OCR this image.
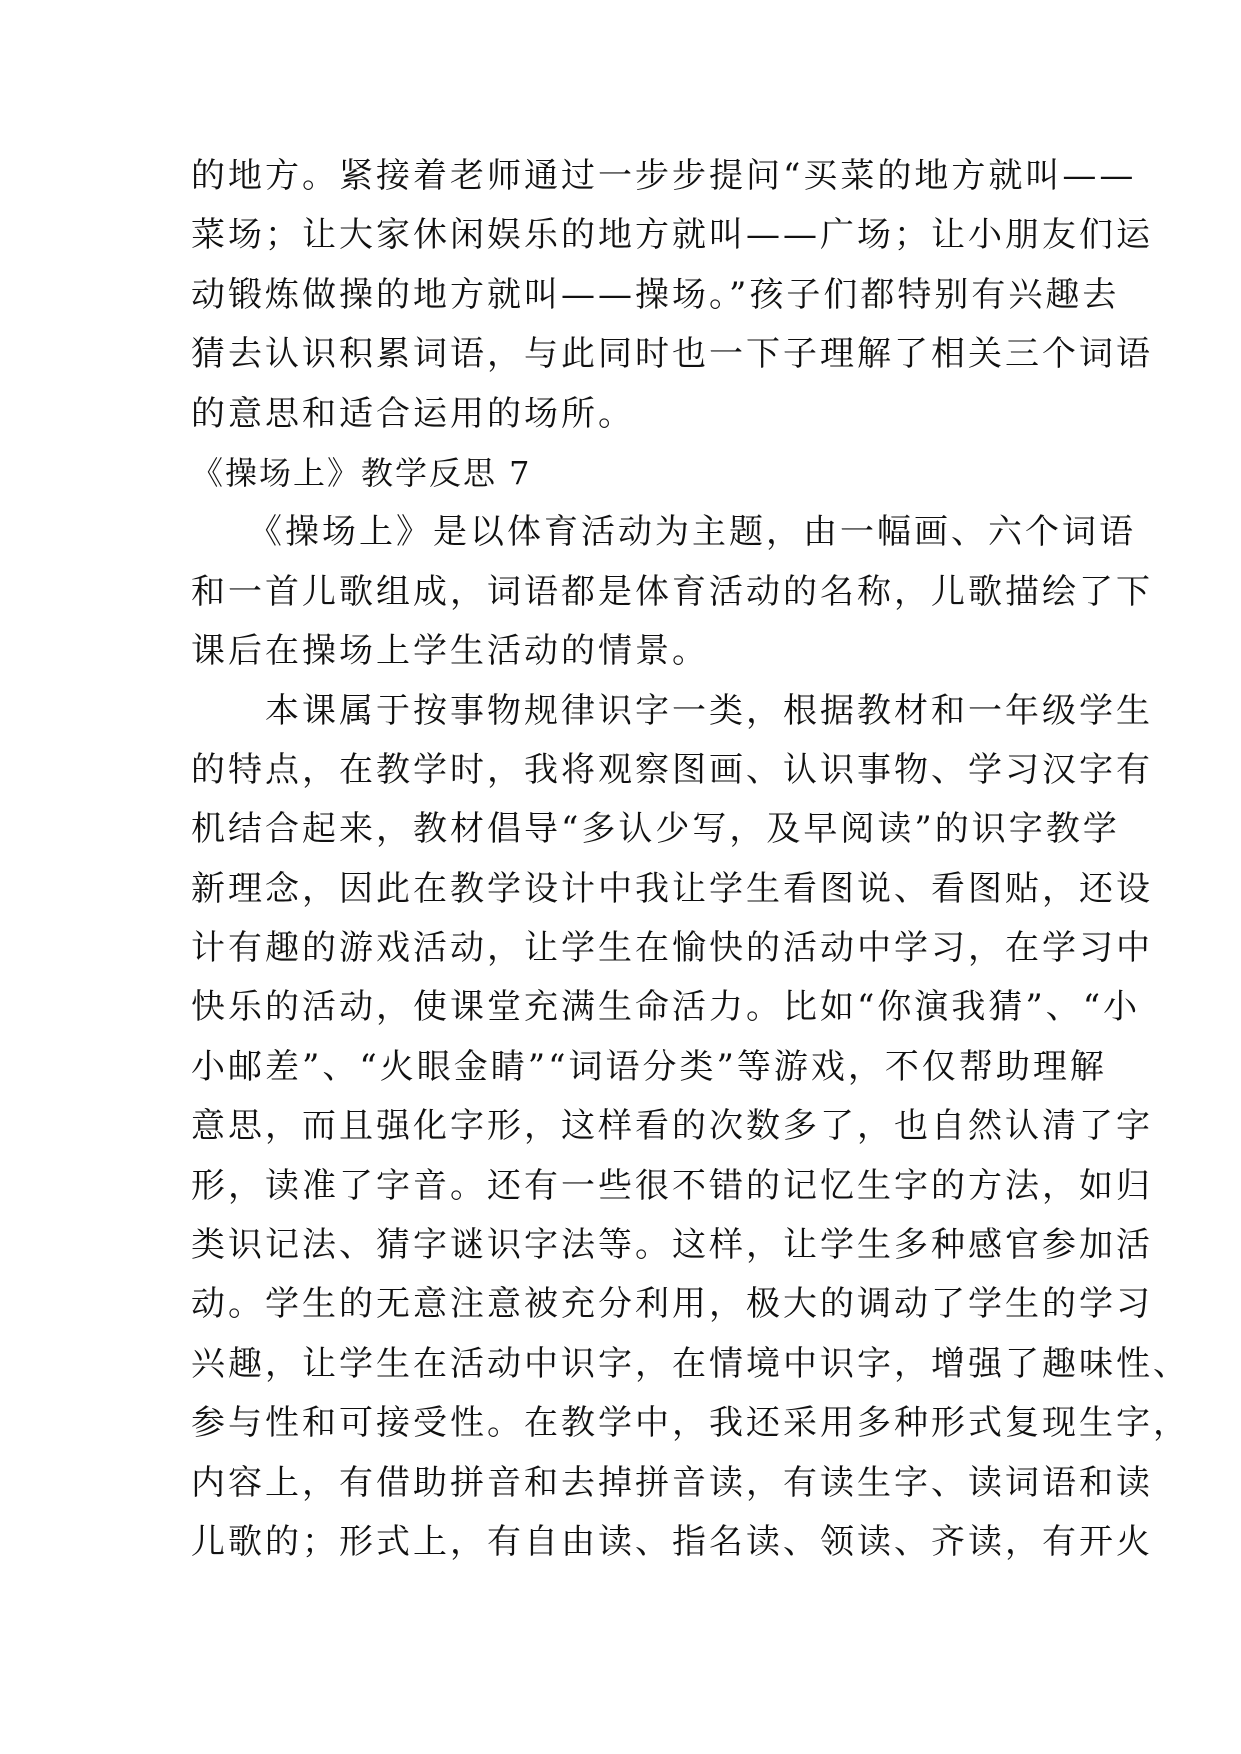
的地方。紧接着老师通过一步步提问“买菜的地方就叫——
菜场；让大家休闲娱乐的地方就叫——广场；让小朋友们运
动锻炼做操的地方就叫——操场。”孩子们都特别有兴趣去
猜去认识积累词语，与此同时也一下子理解了相关三个词语
的意思和适合运用的场所。
《操场上》教学反思 7
　　《操场上》是以体育活动为主题，由一幅画、六个词语
和一首儿歌组成，词语都是体育活动的名称，儿歌描绘了下
课后在操场上学生活动的情景。
　　本课属于按事物规律识字一类，根据教材和一年级学生
的特点，在教学时，我将观察图画、认识事物、学习汉字有
机结合起来，教材倡导“多认少写，及早阅读”的识字教学
新理念，因此在教学设计中我让学生看图说、看图贴，还设
计有趣的游戏活动，让学生在愉快的活动中学习，在学习中
快乐的活动，使课堂充满生命活力。比如“你演我猜”、“小
小邮差”、“火眼金睛”“词语分类”等游戏，不仅帮助理解
意思，而且强化字形，这样看的次数多了，也自然认清了字
形，读准了字音。还有一些很不错的记忆生字的方法，如归
类识记法、猜字谜识字法等。这样，让学生多种感官参加活
动。学生的无意注意被充分利用，极大的调动了学生的学习
兴趣，让学生在活动中识字，在情境中识字，增强了趣味性、
参与性和可接受性。在教学中，我还采用多种形式复现生字，
内容上，有借助拼音和去掉拼音读，有读生字、读词语和读
儿歌的；形式上，有自由读、指名读、领读、齐读，有开火
